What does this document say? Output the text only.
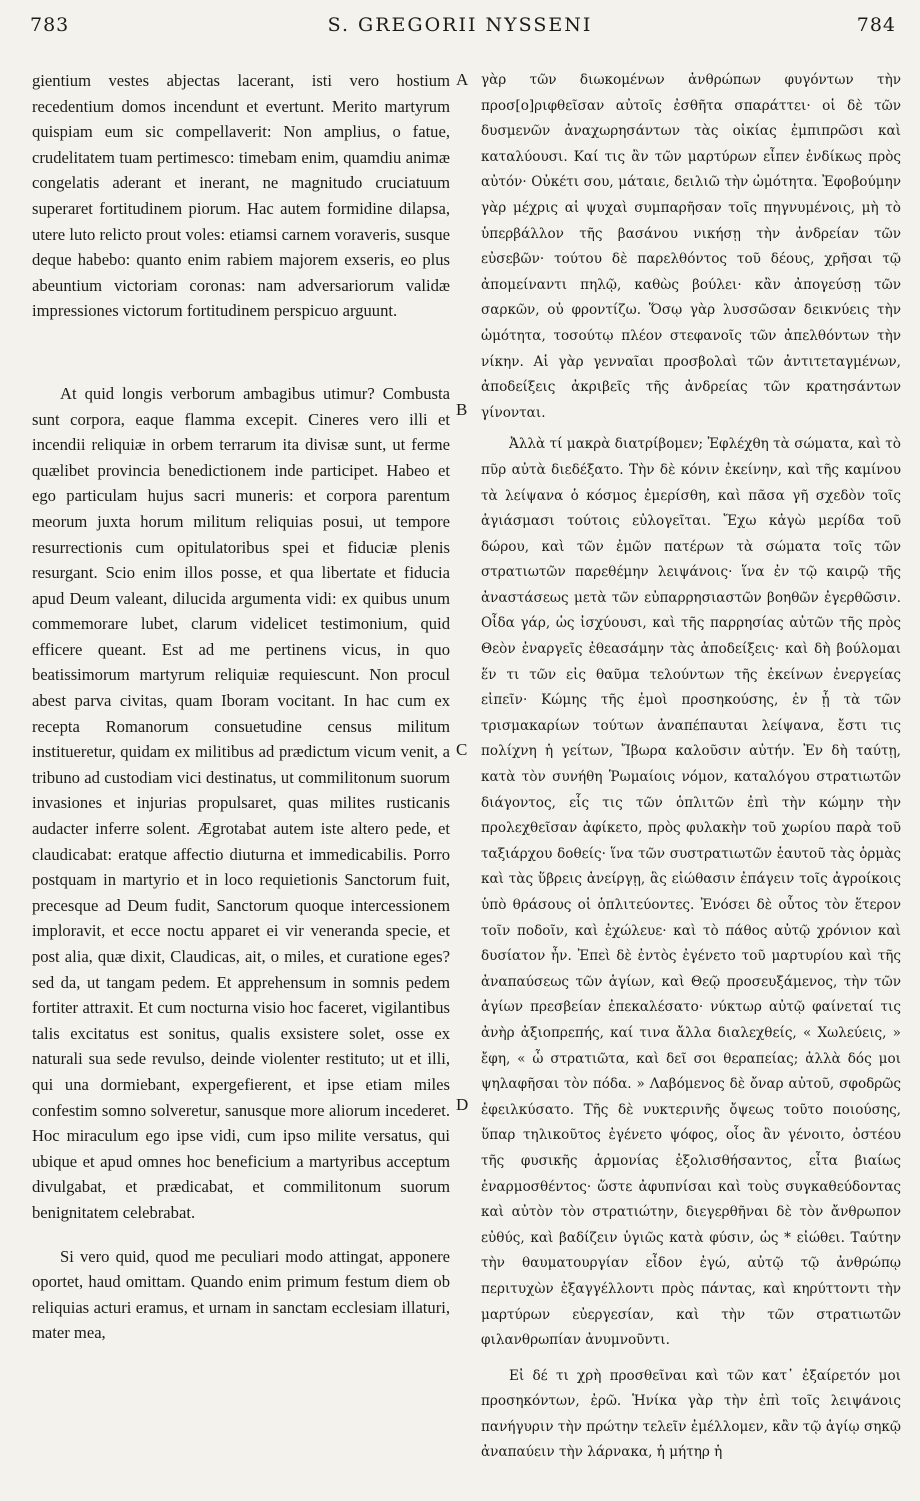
783	S. GREGORII NYSSENI	784

gientium vestes abjectas lacerant, isti vero hostium recedentium domos incendunt et evertunt. Merito martyrum quispiam eum sic compellaverit: Non amplius, o fatue, crudelitatem tuam pertimesco: timebam enim, quamdiu animæ congelatis aderant et inerant, ne magnitudo cruciatuum superaret fortitudinem piorum. Hac autem formidine dilapsa, utere luto relicto prout voles: etiamsi carnem voraveris, susque deque habebo: quanto enim rabiem majorem exseris, eo plus abeuntium victoriam coronas: nam adversariorum validæ impressiones victorum fortitudinem perspicuo arguunt.

At quid longis verborum ambagibus utimur? Combusta sunt corpora, eaque flamma excepit. Cineres vero illi et incendii reliquiæ in orbem terrarum ita divisæ sunt, ut ferme quælibet provincia benedictionem inde participet. Habeo et ego particulam hujus sacri muneris: et corpora parentum meorum juxta horum militum reliquias posui, ut tempore resurrectionis cum opitulatoribus spei et fiduciæ plenis resurgant. Scio enim illos posse, et qua libertate et fiducia apud Deum valeant, dilucida argumenta vidi: ex quibus unum commemorare lubet, clarum videlicet testimonium, quid efficere queant. Est ad me pertinens vicus, in quo beatissimorum martyrum reliquiæ requiescunt. Non procul abest parva civitas, quam Iboram vocitant. In hac cum ex recepta Romanorum consuetudine census militum institueretur, quidam ex militibus ad prædictum vicum venit, a tribuno ad custodiam vici destinatus, ut commilitonum suorum invasiones et injurias propulsaret, quas milites rusticanis audacter inferre solent. Ægrotabat autem iste altero pede, et claudicabat: eratque affectio diuturna et immedicabilis. Porro postquam in martyrio et in loco requietionis Sanctorum fuit, precesque ad Deum fudit, Sanctorum quoque intercessionem imploravit, et ecce noctu apparet ei vir veneranda specie, et post alia, quæ dixit, Claudicas, ait, o miles, et curatione eges? sed da, ut tangam pedem. Et apprehensum in somnis pedem fortiter attraxit. Et cum nocturna visio hoc faceret, vigilantibus talis excitatus est sonitus, qualis exsistere solet, osse ex naturali sua sede revulso, deinde violenter restituto; ut et illi, qui una dormiebant, expergefierent, et ipse etiam miles confestim somno solveretur, sanusque more aliorum incederet. Hoc miraculum ego ipse vidi, cum ipso milite versatus, qui ubique et apud omnes hoc beneficium a martyribus acceptum divulgabat, et prædicabat, et commilitonum suorum benignitatem celebrabat.

Si vero quid, quod me peculiari modo attingat, apponere oportet, haud omittam. Quando enim primum festum diem ob reliquias acturi eramus, et urnam in sanctam ecclesiam illaturi, mater mea,

A
B
C
D

γὰρ τῶν διωκομένων ἀνθρώπων φυγόντων τὴν προσ[ο]ριφθεῖσαν αὐτοῖς ἐσθῆτα σπαράττει· οἱ δὲ τῶν δυσμενῶν ἀναχωρησάντων τὰς οἰκίας ἐμπιπρῶσι καὶ καταλύουσι. Καί τις ἂν τῶν μαρτύρων εἶπεν ἐνδίκως πρὸς αὐτόν· Οὐκέτι σου, μάταιε, δειλιῶ τὴν ὠμότητα. Ἐφοβούμην γὰρ μέχρις αἱ ψυχαὶ συμπαρῆσαν τοῖς πηγνυμένοις, μὴ τὸ ὑπερβάλλον τῆς βασάνου νικήσῃ τὴν ἀνδρείαν τῶν εὐσεβῶν· τούτου δὲ παρελθόντος τοῦ δέους, χρῆσαι τῷ ἀπομείναντι πηλῷ, καθὼς βούλει· κἂν ἀπογεύσῃ τῶν σαρκῶν, οὐ φροντίζω. Ὅσῳ γὰρ λυσσῶσαν δεικνύεις τὴν ὠμότητα, τοσούτῳ πλέον στεφανοῖς τῶν ἀπελθόντων τὴν νίκην. Αἱ γὰρ γενναῖαι προσβολαὶ τῶν ἀντιτεταγμένων, ἀποδείξεις ἀκριβεῖς τῆς ἀνδρείας τῶν κρατησάντων γίνονται.

Ἀλλὰ τί μακρὰ διατρίβομεν; Ἐφλέχθη τὰ σώματα, καὶ τὸ πῦρ αὐτὰ διεδέξατο. Τὴν δὲ κόνιν ἐκείνην, καὶ τῆς καμίνου τὰ λείψανα ὁ κόσμος ἐμερίσθη, καὶ πᾶσα γῆ σχεδὸν τοῖς ἁγιάσμασι τούτοις εὐλογεῖται. Ἔχω κἀγὼ μερίδα τοῦ δώρου, καὶ τῶν ἐμῶν πατέρων τὰ σώματα τοῖς τῶν στρατιωτῶν παρεθέμην λειψάνοις· ἵνα ἐν τῷ καιρῷ τῆς ἀναστάσεως μετὰ τῶν εὐπαρρησιαστῶν βοηθῶν ἐγερθῶσιν. Οἶδα γάρ, ὡς ἰσχύουσι, καὶ τῆς παρρησίας αὐτῶν τῆς πρὸς Θεὸν ἐναργεῖς ἐθεασάμην τὰς ἀποδείξεις· καὶ δὴ βούλομαι ἕν τι τῶν εἰς θαῦμα τελούντων τῆς ἐκείνων ἐνεργείας εἰπεῖν· Κώμης τῆς ἐμοὶ προσηκούσης, ἐν ᾗ τὰ τῶν τρισμακαρίων τούτων ἀναπέπαυται λείψανα, ἔστι τις πολίχνη ἡ γείτων, Ἴβωρα καλοῦσιν αὐτήν. Ἐν δὴ ταύτῃ, κατὰ τὸν συνήθη Ῥωμαίοις νόμον, καταλόγου στρατιωτῶν διάγοντος, εἷς τις τῶν ὁπλιτῶν ἐπὶ τὴν κώμην τὴν προλεχθεῖσαν ἀφίκετο, πρὸς φυλακὴν τοῦ χωρίου παρὰ τοῦ ταξιάρχου δοθείς· ἵνα τῶν συστρατιωτῶν ἑαυτοῦ τὰς ὁρμὰς καὶ τὰς ὕβρεις ἀνείργῃ, ἃς εἰώθασιν ἐπάγειν τοῖς ἀγροίκοις ὑπὸ θράσους οἱ ὁπλιτεύοντες. Ἐνόσει δὲ οὗτος τὸν ἕτερον τοῖν ποδοῖν, καὶ ἐχώλευε· καὶ τὸ πάθος αὐτῷ χρόνιον καὶ δυσίατον ἦν. Ἐπεὶ δὲ ἐντὸς ἐγένετο τοῦ μαρτυρίου καὶ τῆς ἀναπαύσεως τῶν ἁγίων, καὶ Θεῷ προσευξάμενος, τὴν τῶν ἁγίων πρεσβείαν ἐπεκαλέσατο· νύκτωρ αὐτῷ φαίνεταί τις ἀνὴρ ἀξιοπρεπής, καί τινα ἄλλα διαλεχθείς, « Χωλεύεις, » ἔφη, « ὦ στρατιῶτα, καὶ δεῖ σοι θεραπείας; ἀλλὰ δός μοι ψηλαφῆσαι τὸν πόδα. » Λαβόμενος δὲ ὄναρ αὐτοῦ, σφοδρῶς ἐφειλκύσατο. Τῆς δὲ νυκτερινῆς ὄψεως τοῦτο ποιούσης, ὕπαρ τηλικοῦτος ἐγένετο ψόφος, οἷος ἂν γένοιτο, ὀστέου τῆς φυσικῆς ἁρμονίας ἐξολισθήσαντος, εἶτα βιαίως ἐναρμοσθέντος· ὥστε ἀφυπνίσαι καὶ τοὺς συγκαθεύδοντας καὶ αὐτὸν τὸν στρατιώτην, διεγερθῆναι δὲ τὸν ἄνθρωπον εὐθύς, καὶ βαδίζειν ὑγιῶς κατὰ φύσιν, ὡς * εἰώθει. Ταύτην τὴν θαυματουργίαν εἶδον ἐγώ, αὐτῷ τῷ ἀνθρώπῳ περιτυχὼν ἐξαγγέλλοντι πρὸς πάντας, καὶ κηρύττοντι τὴν μαρτύρων εὐεργεσίαν, καὶ τὴν τῶν στρατιωτῶν φιλανθρωπίαν ἀνυμνοῦντι.

Εἰ δέ τι χρὴ προσθεῖναι καὶ τῶν κατ᾽ ἐξαίρετόν μοι προσηκόντων, ἐρῶ. Ἡνίκα γὰρ τὴν ἐπὶ τοῖς λειψάνοις πανήγυριν τὴν πρώτην τελεῖν ἐμέλλομεν, κἂν τῷ ἁγίῳ σηκῷ ἀναπαύειν τὴν λάρνακα, ἡ μήτηρ ἡ
